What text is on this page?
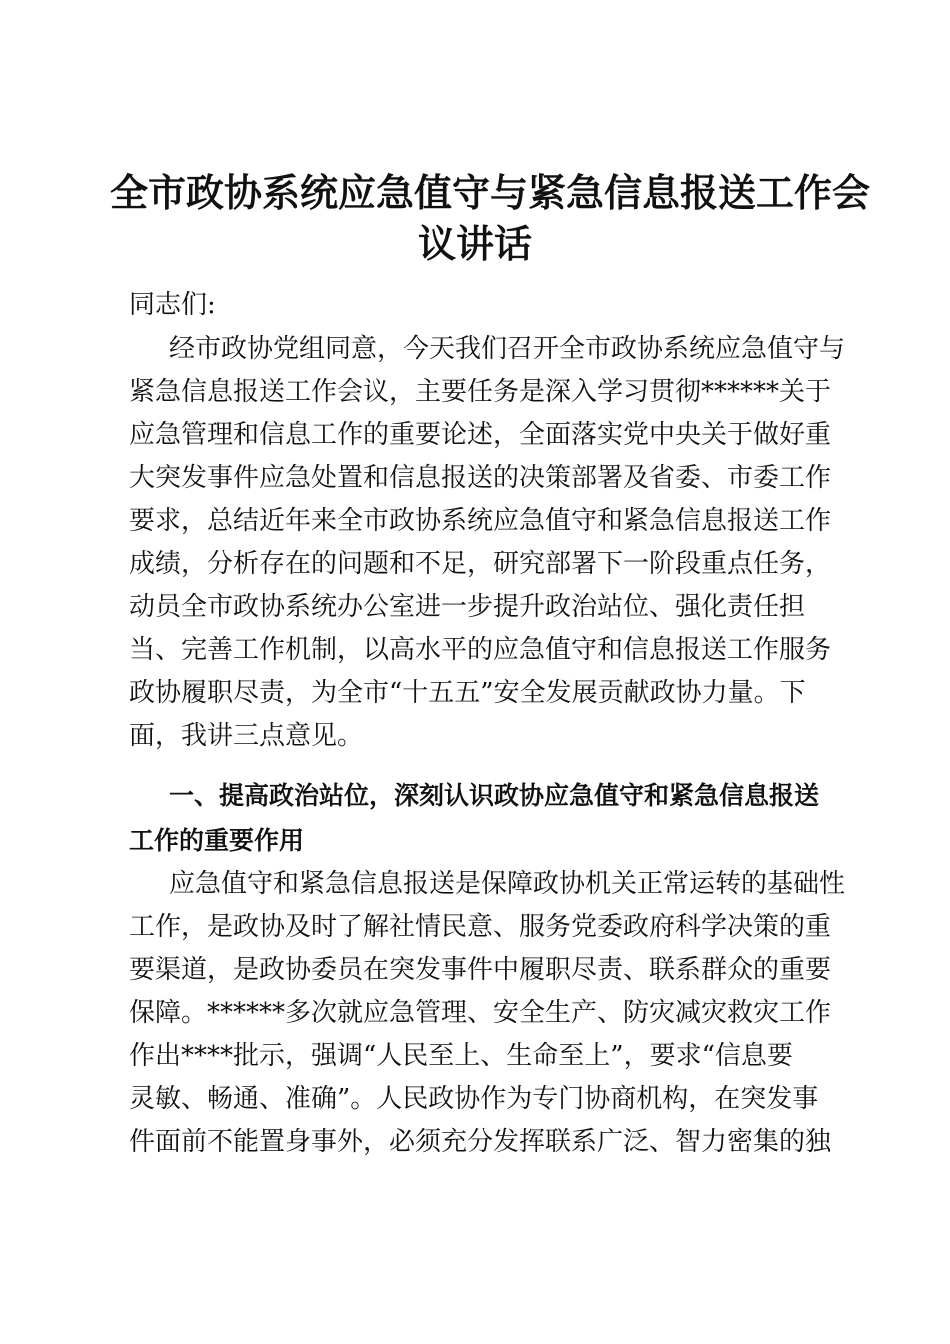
全市政协系统应急值守与紧急信息报送工作会
议讲话
同志们:
经市政协党组同意，今天我们召开全市政协系统应急值守与
紧急信息报送工作会议，主要任务是深入学习贯彻******关于
应急管理和信息工作的重要论述，全面落实党中央关于做好重
大突发事件应急处置和信息报送的决策部署及省委、市委工作
要求，总结近年来全市政协系统应急值守和紧急信息报送工作
成绩，分析存在的问题和不足，研究部署下一阶段重点任务，
动员全市政协系统办公室进一步提升政治站位、强化责任担
当、完善工作机制，以高水平的应急值守和信息报送工作服务
政协履职尽责，为全市“十五五”安全发展贡献政协力量。下
面，我讲三点意见。
一、提高政治站位，深刻认识政协应急值守和紧急信息报送
工作的重要作用
应急值守和紧急信息报送是保障政协机关正常运转的基础性
工作，是政协及时了解社情民意、服务党委政府科学决策的重
要渠道，是政协委员在突发事件中履职尽责、联系群众的重要
保障。******多次就应急管理、安全生产、防灾减灾救灾工作
作出****批示，强调“人民至上、生命至上”，要求“信息要
灵敏、畅通、准确”。人民政协作为专门协商机构，在突发事
件面前不能置身事外，必须充分发挥联系广泛、智力密集的独
